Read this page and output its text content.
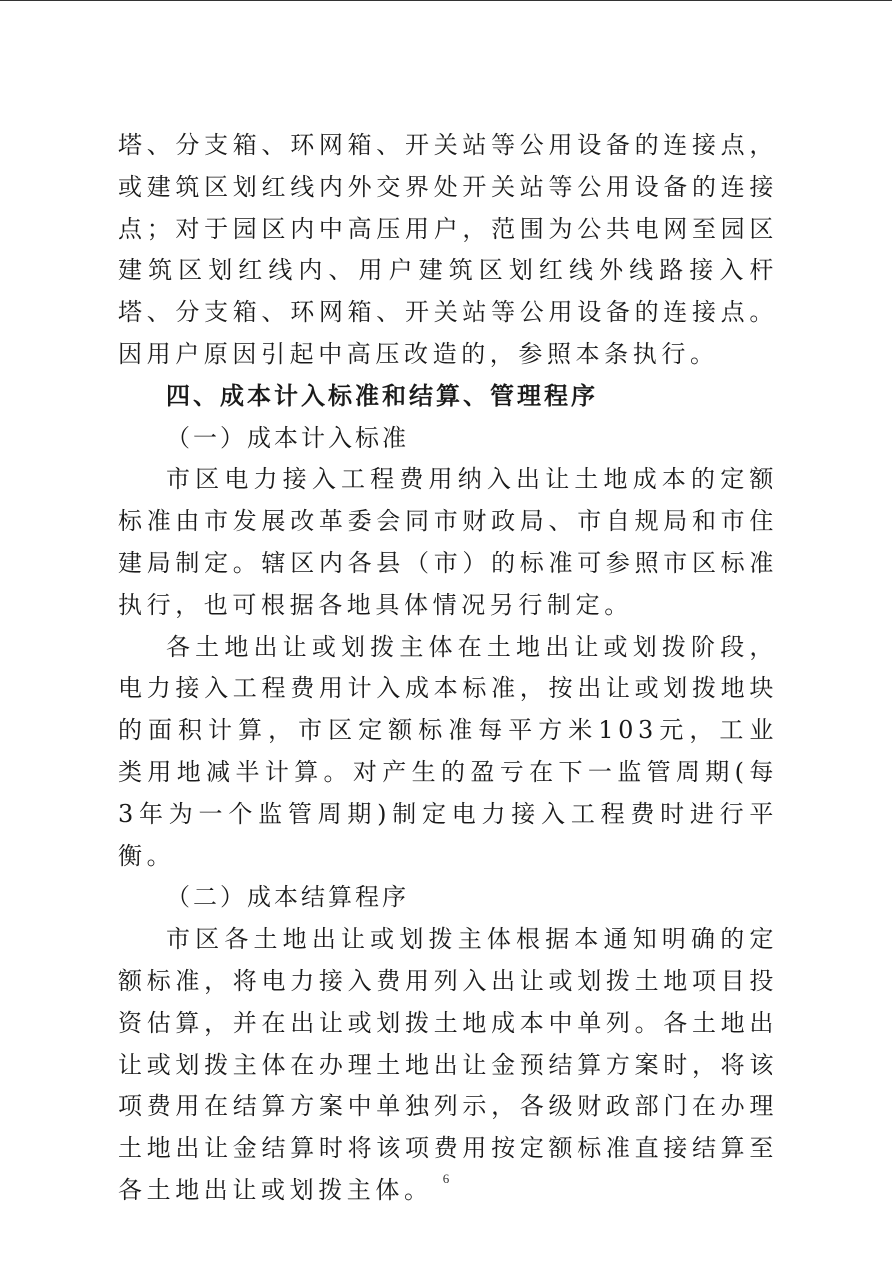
塔、分支箱、环网箱、开关站等公用设备的连接点，或建筑区划红线内外交界处开关站等公用设备的连接点；对于园区内中高压用户，范围为公共电网至园区建筑区划红线内、用户建筑区划红线外线路接入杆塔、分支箱、环网箱、开关站等公用设备的连接点。因用户原因引起中高压改造的，参照本条执行。

四、成本计入标准和结算、管理程序

（一）成本计入标准

市区电力接入工程费用纳入出让土地成本的定额标准由市发展改革委会同市财政局、市自规局和市住建局制定。辖区内各县（市）的标准可参照市区标准执行，也可根据各地具体情况另行制定。

各土地出让或划拨主体在土地出让或划拨阶段，电力接入工程费用计入成本标准，按出让或划拨地块的面积计算，市区定额标准每平方米103元，工业类用地减半计算。对产生的盈亏在下一监管周期(每3年为一个监管周期)制定电力接入工程费时进行平衡。

（二）成本结算程序

市区各土地出让或划拨主体根据本通知明确的定额标准，将电力接入费用列入出让或划拨土地项目投资估算，并在出让或划拨土地成本中单列。各土地出让或划拨主体在办理土地出让金预结算方案时，将该项费用在结算方案中单独列示，各级财政部门在办理土地出让金结算时将该项费用按定额标准直接结算至各土地出让或划拨主体。 6
